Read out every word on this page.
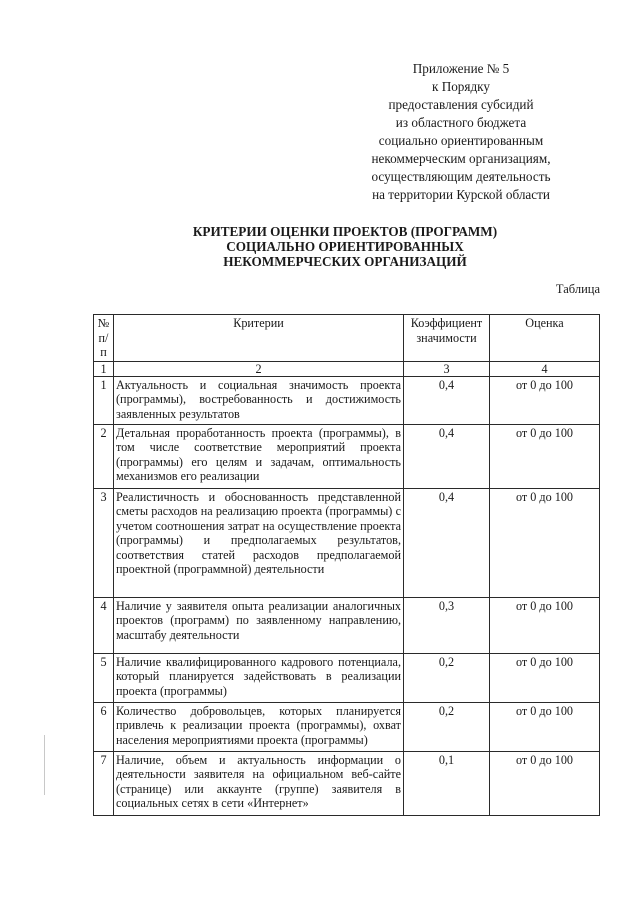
Приложение № 5
к Порядку
предоставления субсидий
из областного бюджета
социально ориентированным
некоммерческим организациям,
осуществляющим деятельность
на территории Курской области
КРИТЕРИИ ОЦЕНКИ ПРОЕКТОВ (ПРОГРАММ)
СОЦИАЛЬНО ОРИЕНТИРОВАННЫХ
НЕКОММЕРЧЕСКИХ ОРГАНИЗАЦИЙ
Таблица
№ п/п	Критерии	Коэффициент значимости	Оценка
1	2	3	4
1	Актуальность и социальная значимость проекта (программы), востребованность и достижимость заявленных результатов	0,4	от 0 до 100
2	Детальная проработанность проекта (программы), в том числе соответствие мероприятий проекта (программы) его целям и задачам, оптимальность механизмов его реализации	0,4	от 0 до 100
3	Реалистичность и обоснованность представленной сметы расходов на реализацию проекта (программы) с учетом соотношения затрат на осуществление проекта (программы) и предполагаемых результатов, соответствия статей расходов предполагаемой проектной (программной) деятельности	0,4	от 0 до 100
4	Наличие у заявителя опыта реализации аналогичных проектов (программ) по заявленному направлению, масштабу деятельности	0,3	от 0 до 100
5	Наличие квалифицированного кадрового потенциала, который планируется задействовать в реализации проекта (программы)	0,2	от 0 до 100
6	Количество добровольцев, которых планируется привлечь к реализации проекта (программы), охват населения мероприятиями проекта (программы)	0,2	от 0 до 100
7	Наличие, объем и актуальность информации о деятельности заявителя на официальном веб-сайте (странице) или аккаунте (группе) заявителя в социальных сетях в сети «Интернет»	0,1	от 0 до 100
